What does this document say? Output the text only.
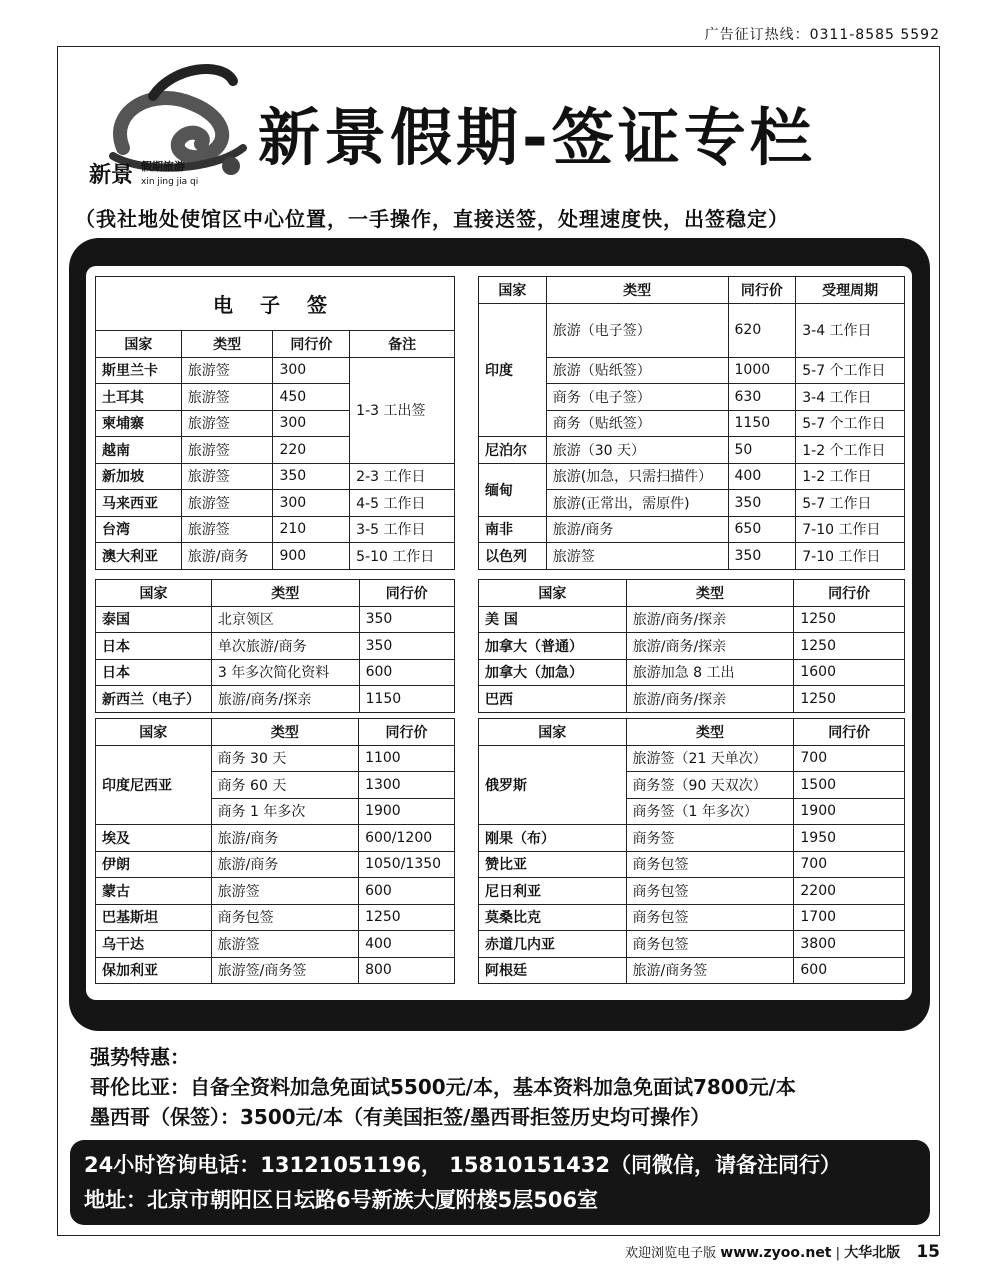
广告征订热线：0311-8585 5592
新景 假期旅游
xin jing jia qi
新景假期-签证专栏
（我社地处使馆区中心位置，一手操作，直接送签，处理速度快，出签稳定）
电 子 签			
国家	类型	同行价	备注
斯里兰卡	旅游签	300	1-3 工出签
土耳其	旅游签	450	
柬埔寨	旅游签	300	
越南	旅游签	220	
新加坡	旅游签	350	2-3 工作日
马来西亚	旅游签	300	4-5 工作日
台湾	旅游签	210	3-5 工作日
澳大利亚	旅游/商务	900	5-10 工作日
国家	类型	同行价	受理周期
印度	旅游（电子签）	620	3-4 工作日
	旅游（贴纸签）	1000	5-7 个工作日
	商务（电子签）	630	3-4 工作日
	商务（贴纸签）	1150	5-7 个工作日
尼泊尔	旅游（30 天）	50	1-2 个工作日
缅甸	旅游(加急，只需扫描件）	400	1-2 工作日
	旅游(正常出，需原件)	350	5-7 工作日
南非	旅游/商务	650	7-10 工作日
以色列	旅游签	350	7-10 工作日
国家	类型	同行价
泰国	北京领区	350
日本	单次旅游/商务	350
日本	3 年多次简化资料	600
新西兰（电子）	旅游/商务/探亲	1150
国家	类型	同行价
美 国	旅游/商务/探亲	1250
加拿大（普通）	旅游/商务/探亲	1250
加拿大（加急）	旅游加急 8 工出	1600
巴西	旅游/商务/探亲	1250
国家	类型	同行价
印度尼西亚	商务 30 天	1100
	商务 60 天	1300
	商务 1 年多次	1900
埃及	旅游/商务	600/1200
伊朗	旅游/商务	1050/1350
蒙古	旅游签	600
巴基斯坦	商务包签	1250
乌干达	旅游签	400
保加利亚	旅游签/商务签	800
国家	类型	同行价
俄罗斯	旅游签（21 天单次）	700
	商务签（90 天双次）	1500
	商务签（1 年多次）	1900
刚果（布）	商务签	1950
赞比亚	商务包签	700
尼日利亚	商务包签	2200
莫桑比克	商务包签	1700
赤道几内亚	商务包签	3800
阿根廷	旅游/商务签	600
强势特惠：
哥伦比亚：自备全资料加急免面试5500元/本，基本资料加急免面试7800元/本
墨西哥（保签）：3500元/本（有美国拒签/墨西哥拒签历史均可操作）
24小时咨询电话：13121051196， 15810151432（同微信，请备注同行）
地址：北京市朝阳区日坛路6号新族大厦附楼5层506室
欢迎浏览电子版 www.zyoo.net | 大华北版 15
